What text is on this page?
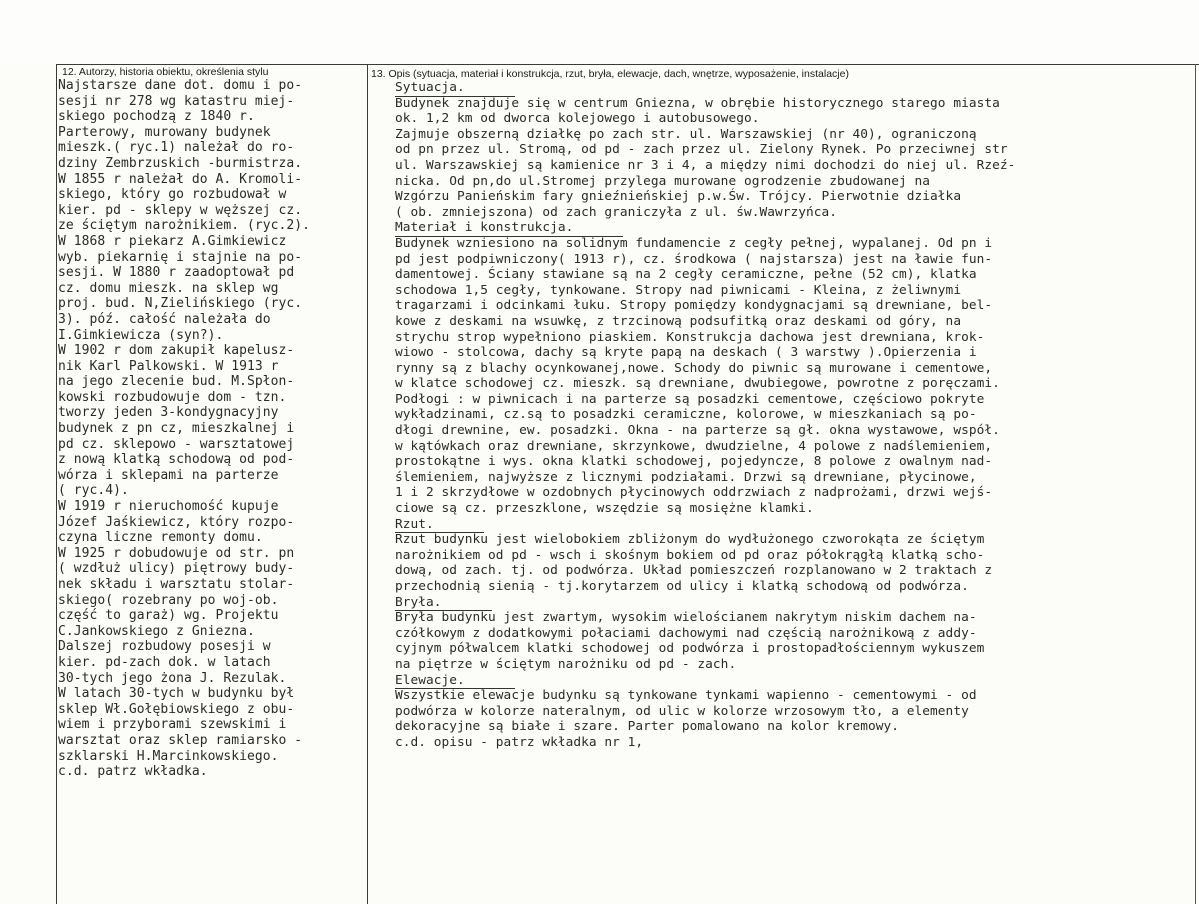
12. Autorzy, historia obiektu, określenia stylu	13. Opis (sytuacja, materiał i konstrukcja, rzut, bryła, elewacje, dach, wnętrze, wyposażenie, instalacje)
Najstarsze dane dot. domu i po-
sesji nr 278 wg katastru miej-
skiego pochodzą z 1840 r.
Parterowy, murowany budynek
mieszk.( ryc.1) należał do ro-
dziny Zembrzuskich -burmistrza.
W 1855 r należał do A. Kromoli-
skiego, który go rozbudował w
kier. pd - sklepy w węższej cz.
ze ściętym narożnikiem. (ryc.2).
W 1868 r piekarz A.Gimkiewicz
wyb. piekarnię i stajnie na po-
sesji. W 1880 r zaadoptował pd
cz. domu mieszk. na sklep wg
proj. bud. N,Zielińskiego (ryc.
3). póź. całość należała do
I.Gimkiewicza (syn?).
W 1902 r dom zakupił kapelusz-
nik Karl Palkowski. W 1913 r
na jego zlecenie bud. M.Spłon-
kowski rozbudowuje dom - tzn.
tworzy jeden 3-kondygnacyjny
budynek z pn cz, mieszkalnej i
pd cz. sklepowo - warsztatowej
z nową klatką schodową od pod-
wórza i sklepami na parterze
( ryc.4).
W 1919 r nieruchomość kupuje
Józef Jaśkiewicz, który rozpo-
czyna liczne remonty domu.
W 1925 r dobudowuje od str. pn
( wzdłuż ulicy) piętrowy budy-
nek składu i warsztatu stolar-
skiego( rozebrany po woj-ob.
część to garaż) wg. Projektu
C.Jankowskiego z Gniezna.
Dalszej rozbudowy posesji w
kier. pd-zach dok. w latach
30-tych jego żona J. Rezulak.
W latach 30-tych w budynku był
sklep Wł.Gołębiowskiego z obu-
wiem i przyborami szewskimi i
warsztat oraz sklep ramiarsko -
szklarski H.Marcinkowskiego.
c.d. patrz wkładka.
Sytuacja.
Budynek znajduje się w centrum Gniezna, w obrębie historycznego starego miasta
ok. 1,2 km od dworca kolejowego i autobusowego.
Zajmuje obszerną działkę po zach str. ul. Warszawskiej (nr 40), ograniczoną
od pn przez ul. Stromą, od pd - zach przez ul. Zielony Rynek. Po przeciwnej str
ul. Warszawskiej są kamienice nr 3 i 4, a między nimi dochodzi do niej ul. Rzeź-
nicka. Od pn,do ul.Stromej przylega murowane ogrodzenie zbudowanej na
Wzgórzu Panieńskim fary gnieźnieńskiej p.w.Św. Trójcy. Pierwotnie działka
( ob. zmniejszona) od zach graniczyła z ul. św.Wawrzyńca.
Materiał i konstrukcja.
Budynek wzniesiono na solidnym fundamencie z cegły pełnej, wypalanej. Od pn i
pd jest podpiwniczony( 1913 r), cz. środkowa ( najstarsza) jest na ławie fun-
damentowej. Ściany stawiane są na 2 cegły ceramiczne, pełne (52 cm), klatka
schodowa 1,5 cegły, tynkowane. Stropy nad piwnicami - Kleina, z żeliwnymi
tragarzami i odcinkami łuku. Stropy pomiędzy kondygnacjami są drewniane, bel-
kowe z deskami na wsuwkę, z trzcinową podsufitką oraz deskami od góry, na
strychu strop wypełniono piaskiem. Konstrukcja dachowa jest drewniana, krok-
wiowo - stolcowa, dachy są kryte papą na deskach ( 3 warstwy ).Opierzenia i
rynny są z blachy ocynkowanej,nowe. Schody do piwnic są murowane i cementowe,
w klatce schodowej cz. mieszk. są drewniane, dwubiegowe, powrotne z poręczami.
Podłogi : w piwnicach i na parterze są posadzki cementowe, częściowo pokryte
wykładzinami, cz.są to posadzki ceramiczne, kolorowe, w mieszkaniach są po-
dłogi drewnine, ew. posadzki. Okna - na parterze są gł. okna wystawowe, współ.
w kątówkach oraz drewniane, skrzynkowe, dwudzielne, 4 polowe z nadślemieniem,
prostokątne i wys. okna klatki schodowej, pojedyncze, 8 polowe z owalnym nad-
ślemieniem, najwyższe z licznymi podziałami. Drzwi są drewniane, płycinowe,
1 i 2 skrzydłowe w ozdobnych płycinowych oddrzwiach z nadprożami, drzwi wejś-
ciowe są cz. przeszklone, wszędzie są mosiężne klamki.
Rzut.
Rzut budynku jest wielobokiem zbliżonym do wydłużonego czworokąta ze ściętym
narożnikiem od pd - wsch i skośnym bokiem od pd oraz półokrągłą klatką scho-
dową, od zach. tj. od podwórza. Układ pomieszczeń rozplanowano w 2 traktach z
przechodnią sienią - tj.korytarzem od ulicy i klatką schodową od podwórza.
Bryła.
Bryła budynku jest zwartym, wysokim wielościanem nakrytym niskim dachem na-
czółkowym z dodatkowymi połaciami dachowymi nad częścią narożnikową z addy-
cyjnym półwalcem klatki schodowej od podwórza i prostopadłościennym wykuszem
na piętrze w ściętym narożniku od pd - zach.
Elewacje.
Wszystkie elewacje budynku są tynkowane tynkami wapienno - cementowymi - od
podwórza w kolorze nateralnym, od ulic w kolorze wrzosowym tło, a elementy
dekoracyjne są białe i szare. Parter pomalowano na kolor kremowy.
c.d. opisu - patrz wkładka nr 1,
